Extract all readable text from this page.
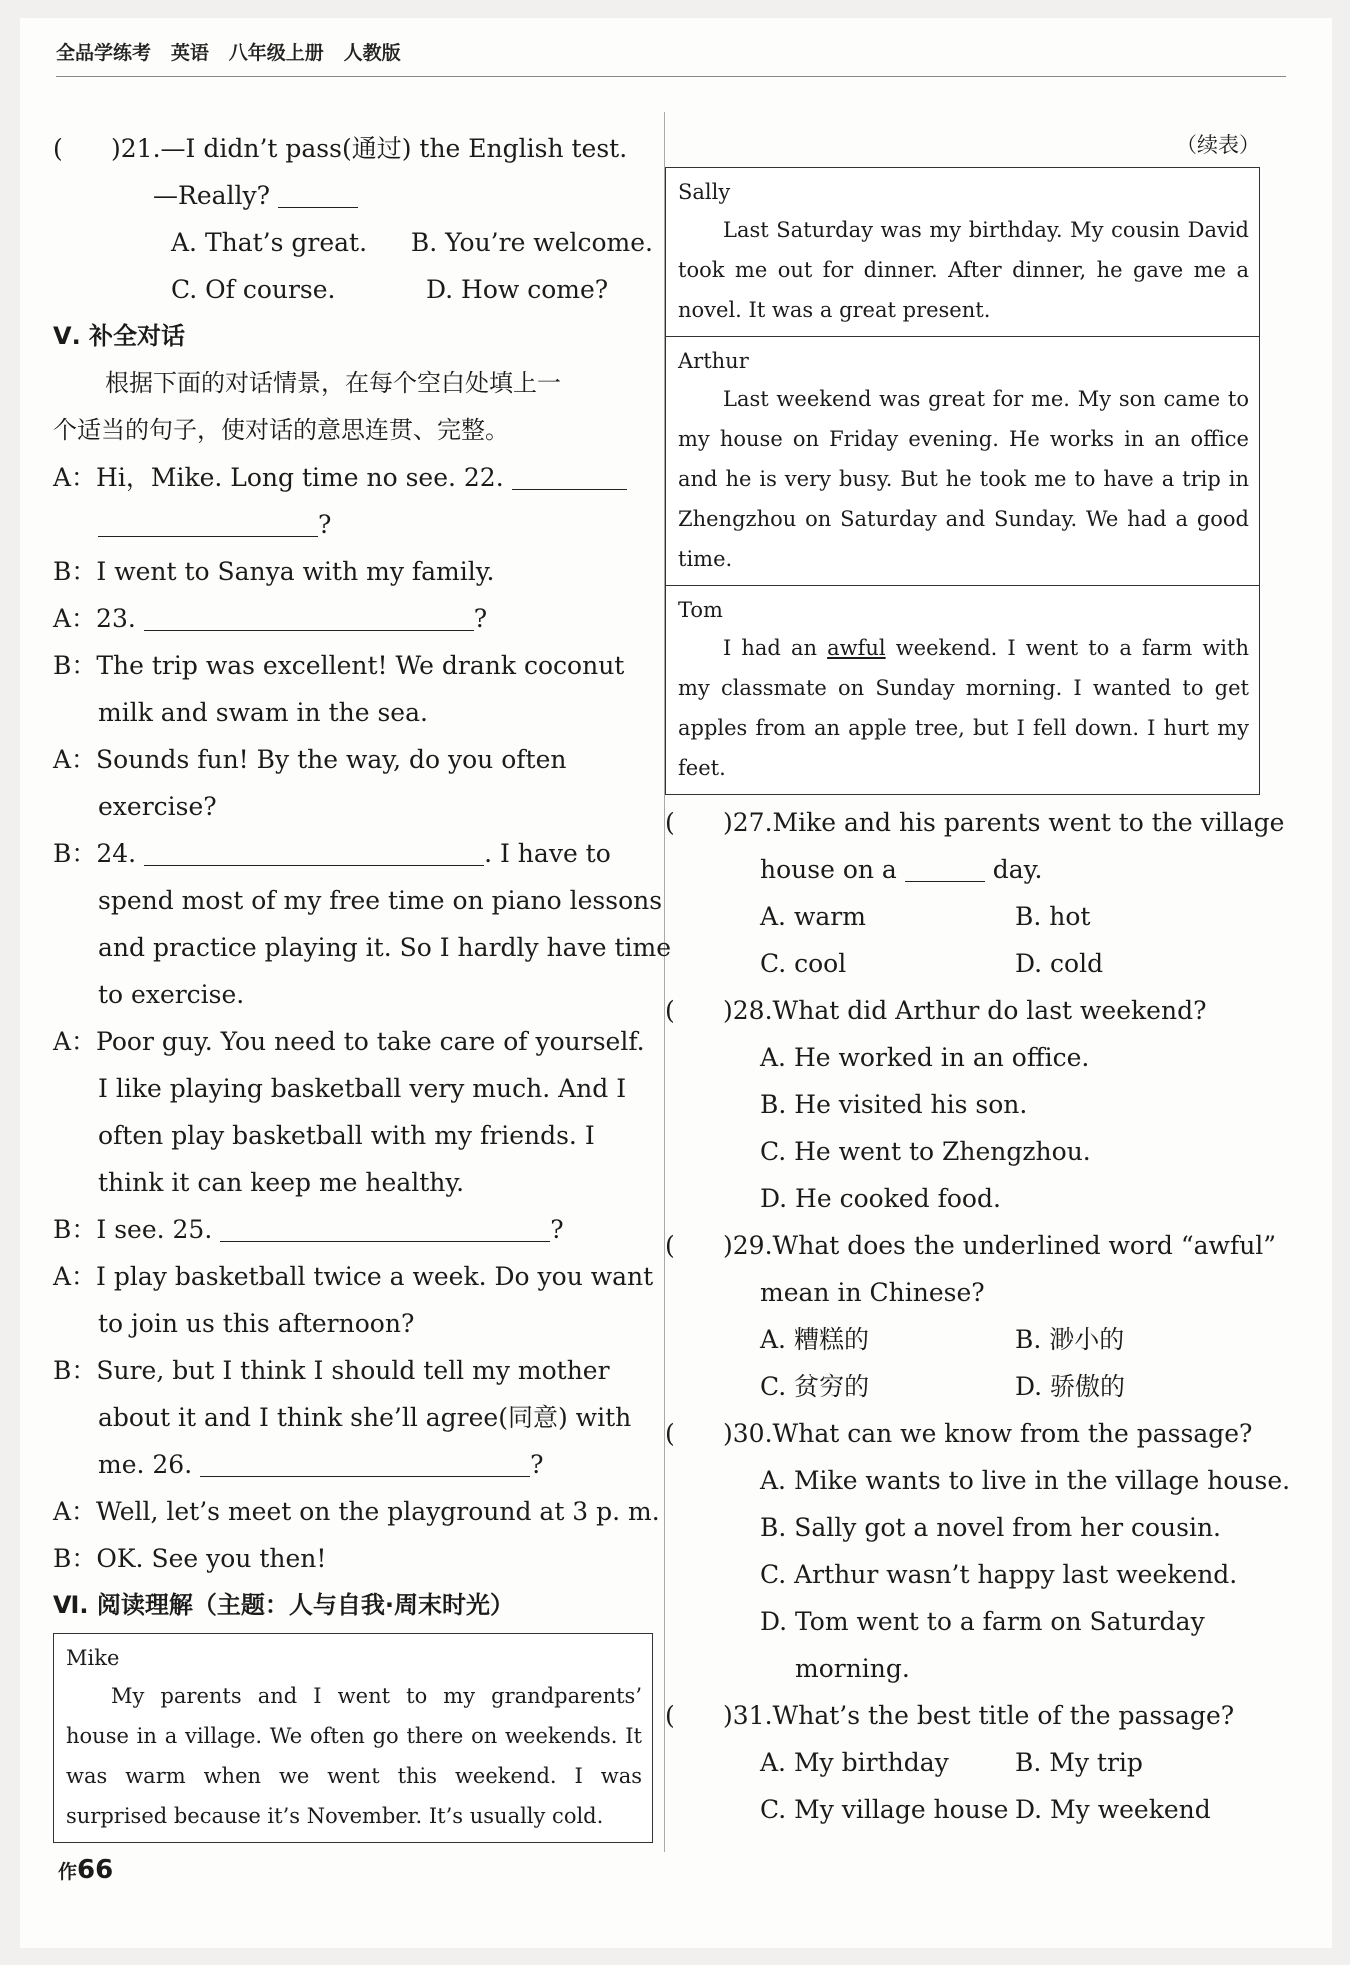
全品学练考 英语 八年级上册 人教版
( )21.—I didn’t pass(通过) the English test.
—Really?
A. That’s great.	B. You’re welcome.
C. Of course.	D. How come?
Ⅴ. 补全对话
根据下面的对话情景，在每个空白处填上一
个适当的句子，使对话的意思连贯、完整。
A：Hi，Mike. Long time no see. 22.
?
B：I went to Sanya with my family.
A：23.	?
B：The trip was excellent! We drank coconut
milk and swam in the sea.
A：Sounds fun! By the way, do you often
exercise?
B：24.	. I have to
spend most of my free time on piano lessons
and practice playing it. So I hardly have time
to exercise.
A：Poor guy. You need to take care of yourself.
I like playing basketball very much. And I
often play basketball with my friends. I
think it can keep me healthy.
B：I see. 25.	?
A：I play basketball twice a week. Do you want
to join us this afternoon?
B：Sure, but I think I should tell my mother
about it and I think she’ll agree(同意) with
me. 26.	?
A：Well, let’s meet on the playground at 3 p. m.
B：OK. See you then!
Ⅵ. 阅读理解（主题：人与自我·周末时光）
Mike
My parents and I went to my grandparents’ house in a village. We often go there on weekends. It was warm when we went this weekend. I was surprised because it’s November. It’s usually cold.
（续表）
Sally
Last Saturday was my birthday. My cousin David took me out for dinner. After dinner, he gave me a novel. It was a great present.
Arthur
Last weekend was great for me. My son came to my house on Friday evening. He works in an office and he is very busy. But he took me to have a trip in Zhengzhou on Saturday and Sunday. We had a good time.
Tom
I had an awful weekend. I went to a farm with my classmate on Sunday morning. I wanted to get apples from an apple tree, but I fell down. I hurt my feet.
( )27.Mike and his parents went to the village
house on a	day.
A. warm	B. hot
C. cool	D. cold
( )28.What did Arthur do last weekend?
A. He worked in an office.
B. He visited his son.
C. He went to Zhengzhou.
D. He cooked food.
( )29.What does the underlined word “awful”
mean in Chinese?
A. 糟糕的	B. 渺小的
C. 贫穷的	D. 骄傲的
( )30.What can we know from the passage?
A. Mike wants to live in the village house.
B. Sally got a novel from her cousin.
C. Arthur wasn’t happy last weekend.
D. Tom went to a farm on Saturday
morning.
( )31.What’s the best title of the passage?
A. My birthday	B. My trip
C. My village house D. My weekend
作66
